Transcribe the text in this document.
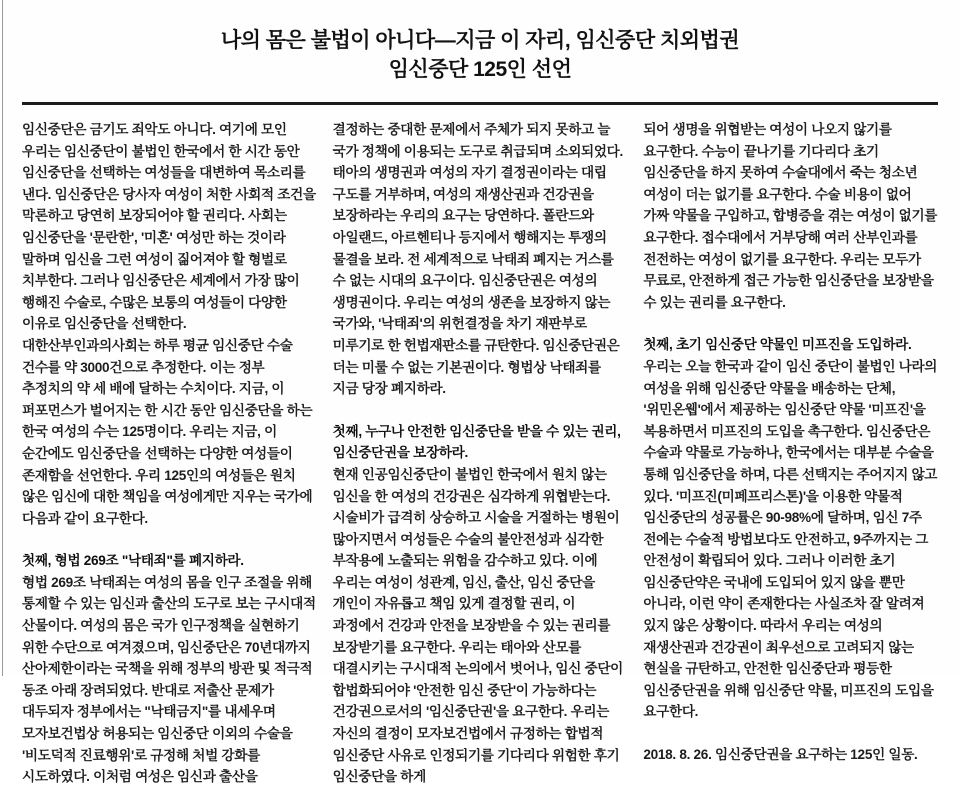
나의 몸은 불법이 아니다—지금 이 자리, 임신중단 치외법권
임신중단 125인 선언

임신중단은 금기도 죄악도 아니다. 여기에 모인 우리는 임신중단이 불법인 한국에서 한 시간 동안 임신중단을 선택하는 여성들을 대변하여 목소리를 낸다. 임신중단은 당사자 여성이 처한 사회적 조건을 막론하고 당연히 보장되어야 할 권리다. 사회는 임신중단을 '문란한', '미혼' 여성만 하는 것이라 말하며 임신을 그런 여성이 짊어져야 할 형벌로 치부한다. 그러나 임신중단은 세계에서 가장 많이 행해진 수술로, 수많은 보통의 여성들이 다양한 이유로 임신중단을 선택한다. 대한산부인과의사회는 하루 평균 임신중단 수술 건수를 약 3000건으로 추정한다. 이는 정부 추정치의 약 세 배에 달하는 수치이다. 지금, 이 퍼포먼스가 벌어지는 한 시간 동안 임신중단을 하는 한국 여성의 수는 125명이다. 우리는 지금, 이 순간에도 임신중단을 선택하는 다양한 여성들이 존재함을 선언한다. 우리 125인의 여성들은 원치 않은 임신에 대한 책임을 여성에게만 지우는 국가에 다음과 같이 요구한다.

첫째, 형법 269조 "낙태죄"를 폐지하라.

형법 269조 낙태죄는 여성의 몸을 인구 조절을 위해 통제할 수 있는 임신과 출산의 도구로 보는 구시대적 산물이다. 여성의 몸은 국가 인구정책을 실현하기 위한 수단으로 여겨졌으며, 임신중단은 70년대까지 산아제한이라는 국책을 위해 정부의 방관 및 적극적 동조 아래 장려되었다. 반대로 저출산 문제가 대두되자 정부에서는 "낙태금지"를 내세우며 모자보건법상 허용되는 임신중단 이외의 수술을 '비도덕적 진료행위'로 규정해 처벌 강화를 시도하였다. 이처럼 여성은 임신과 출산을

결정하는 중대한 문제에서 주체가 되지 못하고 늘 국가 정책에 이용되는 도구로 취급되며 소외되었다. 태아의 생명권과 여성의 자기 결정권이라는 대립 구도를 거부하며, 여성의 재생산권과 건강권을 보장하라는 우리의 요구는 당연하다. 폴란드와 아일랜드, 아르헨티나 등지에서 행해지는 투쟁의 물결을 보라. 전 세계적으로 낙태죄 폐지는 거스를 수 없는 시대의 요구이다. 임신중단권은 여성의 생명권이다. 우리는 여성의 생존을 보장하지 않는 국가와, '낙태죄'의 위헌결정을 차기 재판부로 미루기로 한 헌법재판소를 규탄한다. 임신중단권은 더는 미룰 수 없는 기본권이다. 형법상 낙태죄를 지금 당장 폐지하라.

첫째, 누구나 안전한 임신중단을 받을 수 있는 권리, 임신중단권을 보장하라.

현재 인공임신중단이 불법인 한국에서 원치 않는 임신을 한 여성의 건강권은 심각하게 위협받는다. 시술비가 급격히 상승하고 시술을 거절하는 병원이 많아지면서 여성들은 수술의 불안전성과 심각한 부작용에 노출되는 위험을 감수하고 있다. 이에 우리는 여성이 성관계, 임신, 출산, 임신 중단을 개인이 자유롭고 책임 있게 결정할 권리, 이 과정에서 건강과 안전을 보장받을 수 있는 권리를 보장받기를 요구한다. 우리는 태아와 산모를 대결시키는 구시대적 논의에서 벗어나, 임신 중단이 합법화되어야 '안전한 임신 중단'이 가능하다는 건강권으로서의 '임신중단권'을 요구한다. 우리는 자신의 결정이 모자보건법에서 규정하는 합법적 임신중단 사유로 인정되기를 기다리다 위험한 후기 임신중단을 하게

되어 생명을 위협받는 여성이 나오지 않기를 요구한다. 수능이 끝나기를 기다리다 초기 임신중단을 하지 못하여 수술대에서 죽는 청소년 여성이 더는 없기를 요구한다. 수술 비용이 없어 가짜 약물을 구입하고, 합병증을 겪는 여성이 없기를 요구한다. 접수대에서 거부당해 여러 산부인과를 전전하는 여성이 없기를 요구한다. 우리는 모두가 무료로, 안전하게 접근 가능한 임신중단을 보장받을 수 있는 권리를 요구한다.

첫째, 초기 임신중단 약물인 미프진을 도입하라.

우리는 오늘 한국과 같이 임신 중단이 불법인 나라의 여성을 위해 임신중단 약물을 배송하는 단체, '위민온웹'에서 제공하는 임신중단 약물 '미프진'을 복용하면서 미프진의 도입을 촉구한다. 임신중단은 수술과 약물로 가능하나, 한국에서는 대부분 수술을 통해 임신중단을 하며, 다른 선택지는 주어지지 않고 있다. '미프진(미페프리스톤)'을 이용한 약물적 임신중단의 성공률은 90-98%에 달하며, 임신 7주 전에는 수술적 방법보다도 안전하고, 9주까지는 그 안전성이 확립되어 있다. 그러나 이러한 초기 임신중단약은 국내에 도입되어 있지 않을 뿐만 아니라, 이런 약이 존재한다는 사실조차 잘 알려져 있지 않은 상황이다. 따라서 우리는 여성의 재생산권과 건강권이 최우선으로 고려되지 않는 현실을 규탄하고, 안전한 임신중단과 평등한 임신중단권을 위해 임신중단 약물, 미프진의 도입을 요구한다.

2018. 8. 26. 임신중단권을 요구하는 125인 일동.
